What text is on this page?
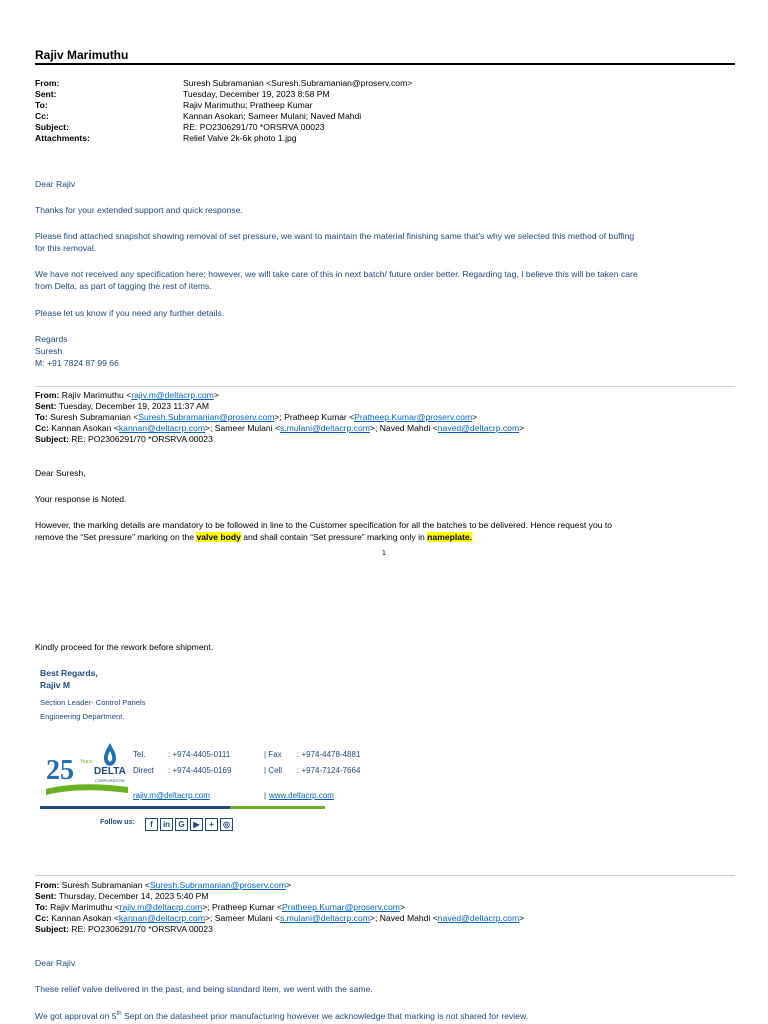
Rajiv Marimuthu
From:	Suresh Subramanian <Suresh.Subramanian@proserv.com>
Sent:	Tuesday, December 19, 2023 8:58 PM
To:	Rajiv Marimuthu; Pratheep Kumar
Cc:	Kannan Asokan; Sameer Mulani; Naved Mahdi
Subject:	RE: PO2306291/70 *ORSRVA 00023
Attachments:	Relief Valve 2k-6k photo 1.jpg
Dear Rajiv
Thanks for your extended support and quick response.
Please find attached snapshot showing removal of set pressure, we want to maintain the material finishing same that’s why we selected this method of buffing
for this removal.
We have not received any specification here; however, we will take care of this in next batch/ future order better. Regarding tag, I believe this will be taken care
from Delta, as part of tagging the rest of items.
Please let us know if you need any further details.
Regards
Suresh
M: +91 7824 87 99 66
From: Rajiv Marimuthu <rajiv.m@deltacrp.com>
Sent: Tuesday, December 19, 2023 11:37 AM
To: Suresh Subramanian <Suresh.Subramanian@proserv.com>; Pratheep Kumar <Pratheep.Kumar@proserv.com>
Cc: Kannan Asokan <kannan@deltacrp.com>; Sameer Mulani <s.mulani@deltacrp.com>; Naved Mahdi <naved@deltacrp.com>
Subject: RE: PO2306291/70 *ORSRVA 00023
Dear Suresh,
Your response is Noted.
However, the marking details are mandatory to be followed in line to the Customer specification for all the batches to be delivered. Hence request you to
remove the “Set pressure” marking on the valve body and shall contain “Set pressure” marking only in nameplate.
1
Kindly proceed for the rework before shipment.
Best Regards,
Rajiv M
Section Leader- Control Panels
Engineering Department.
25 Years
DELTA
CORPORATION
Tel.	: +974-4405-0111	| Fax : +974-4478-4881
Direct : +974-4405-0169	| Cell : +974-7124-7664
rajiv.m@deltacrp.com	| www.deltacrp.com
Follow us:	f in G ▶ + ◎
From: Suresh Subramanian <Suresh.Subramanian@proserv.com>
Sent: Thursday, December 14, 2023 5:40 PM
To: Rajiv Marimuthu <rajiv.m@deltacrp.com>; Pratheep Kumar <Pratheep.Kumar@proserv.com>
Cc: Kannan Asokan <kannan@deltacrp.com>; Sameer Mulani <s.mulani@deltacrp.com>; Naved Mahdi <naved@deltacrp.com>
Subject: RE: PO2306291/70 *ORSRVA 00023
Dear Rajiv
These relief valve delivered in the past, and being standard item, we went with the same.
We got approval on 5th Sept on the datasheet prior manufacturing however we acknowledge that marking is not shared for review.
